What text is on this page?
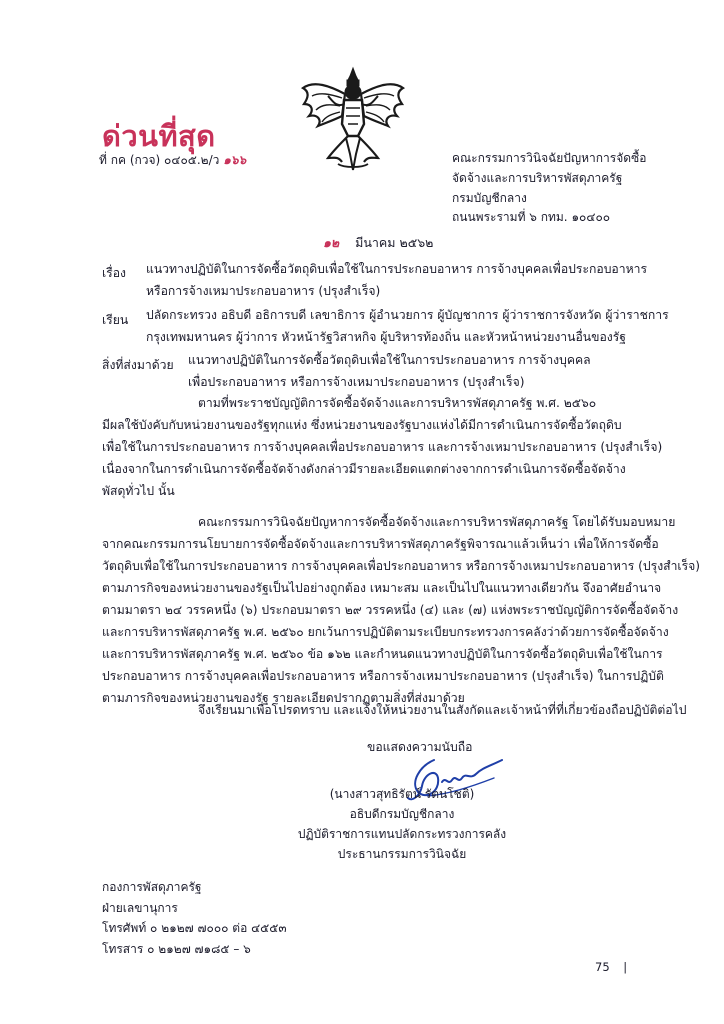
ด่วนที่สุด
ที่ กค (กวจ) ๐๔๐๕.๒/ว ๑๖๖	คณะกรรมการวินิจฉัยปัญหาการจัดซื้อ
จัดจ้างและการบริหารพัสดุภาครัฐ
กรมบัญชีกลาง
ถนนพระรามที่ ๖ กทม. ๑๐๔๐๐
๑๒ มีนาคม ๒๕๖๒
เรื่อง แนวทางปฏิบัติในการจัดซื้อวัตถุดิบเพื่อใช้ในการประกอบอาหาร การจ้างบุคคลเพื่อประกอบอาหาร
หรือการจ้างเหมาประกอบอาหาร (ปรุงสำเร็จ)
เรียน ปลัดกระทรวง อธิบดี อธิการบดี เลขาธิการ ผู้อำนวยการ ผู้บัญชาการ ผู้ว่าราชการจังหวัด ผู้ว่าราชการ
กรุงเทพมหานคร ผู้ว่าการ หัวหน้ารัฐวิสาหกิจ ผู้บริหารท้องถิ่น และหัวหน้าหน่วยงานอื่นของรัฐ
สิ่งที่ส่งมาด้วย แนวทางปฏิบัติในการจัดซื้อวัตถุดิบเพื่อใช้ในการประกอบอาหาร การจ้างบุคคล
เพื่อประกอบอาหาร หรือการจ้างเหมาประกอบอาหาร (ปรุงสำเร็จ)
ตามที่พระราชบัญญัติการจัดซื้อจัดจ้างและการบริหารพัสดุภาครัฐ พ.ศ. ๒๕๖๐
มีผลใช้บังคับกับหน่วยงานของรัฐทุกแห่ง ซึ่งหน่วยงานของรัฐบางแห่งได้มีการดำเนินการจัดซื้อวัตถุดิบ
เพื่อใช้ในการประกอบอาหาร การจ้างบุคคลเพื่อประกอบอาหาร และการจ้างเหมาประกอบอาหาร (ปรุงสำเร็จ)
เนื่องจากในการดำเนินการจัดซื้อจัดจ้างดังกล่าวมีรายละเอียดแตกต่างจากการดำเนินการจัดซื้อจัดจ้าง
พัสดุทั่วไป นั้น
คณะกรรมการวินิจฉัยปัญหาการจัดซื้อจัดจ้างและการบริหารพัสดุภาครัฐ โดยได้รับมอบหมาย
จากคณะกรรมการนโยบายการจัดซื้อจัดจ้างและการบริหารพัสดุภาครัฐพิจารณาแล้วเห็นว่า เพื่อให้การจัดซื้อ
วัตถุดิบเพื่อใช้ในการประกอบอาหาร การจ้างบุคคลเพื่อประกอบอาหาร หรือการจ้างเหมาประกอบอาหาร (ปรุงสำเร็จ)
ตามภารกิจของหน่วยงานของรัฐเป็นไปอย่างถูกต้อง เหมาะสม และเป็นไปในแนวทางเดียวกัน จึงอาศัยอำนาจ
ตามมาตรา ๒๔ วรรคหนึ่ง (๖) ประกอบมาตรา ๒๙ วรรคหนึ่ง (๔) และ (๗) แห่งพระราชบัญญัติการจัดซื้อจัดจ้าง
และการบริหารพัสดุภาครัฐ พ.ศ. ๒๕๖๐ ยกเว้นการปฏิบัติตามระเบียบกระทรวงการคลังว่าด้วยการจัดซื้อจัดจ้าง
และการบริหารพัสดุภาครัฐ พ.ศ. ๒๕๖๐ ข้อ ๑๖๒ และกำหนดแนวทางปฏิบัติในการจัดซื้อวัตถุดิบเพื่อใช้ในการ
ประกอบอาหาร การจ้างบุคคลเพื่อประกอบอาหาร หรือการจ้างเหมาประกอบอาหาร (ปรุงสำเร็จ) ในการปฏิบัติ
ตามภารกิจของหน่วยงานของรัฐ รายละเอียดปรากฏตามสิ่งที่ส่งมาด้วย
จึงเรียนมาเพื่อโปรดทราบ และแจ้งให้หน่วยงานในสังกัดและเจ้าหน้าที่ที่เกี่ยวข้องถือปฏิบัติต่อไป
ขอแสดงความนับถือ
(นางสาวสุทธิรัตน์ รัตนโชติ)
อธิบดีกรมบัญชีกลาง
ปฏิบัติราชการแทนปลัดกระทรวงการคลัง
ประธานกรรมการวินิจฉัย
กองการพัสดุภาครัฐ
ฝ่ายเลขานุการ
โทรศัพท์ ๐ ๒๑๒๗ ๗๐๐๐ ต่อ ๔๕๕๓
โทรสาร ๐ ๒๑๒๗ ๗๑๘๕ – ๖
75 |
